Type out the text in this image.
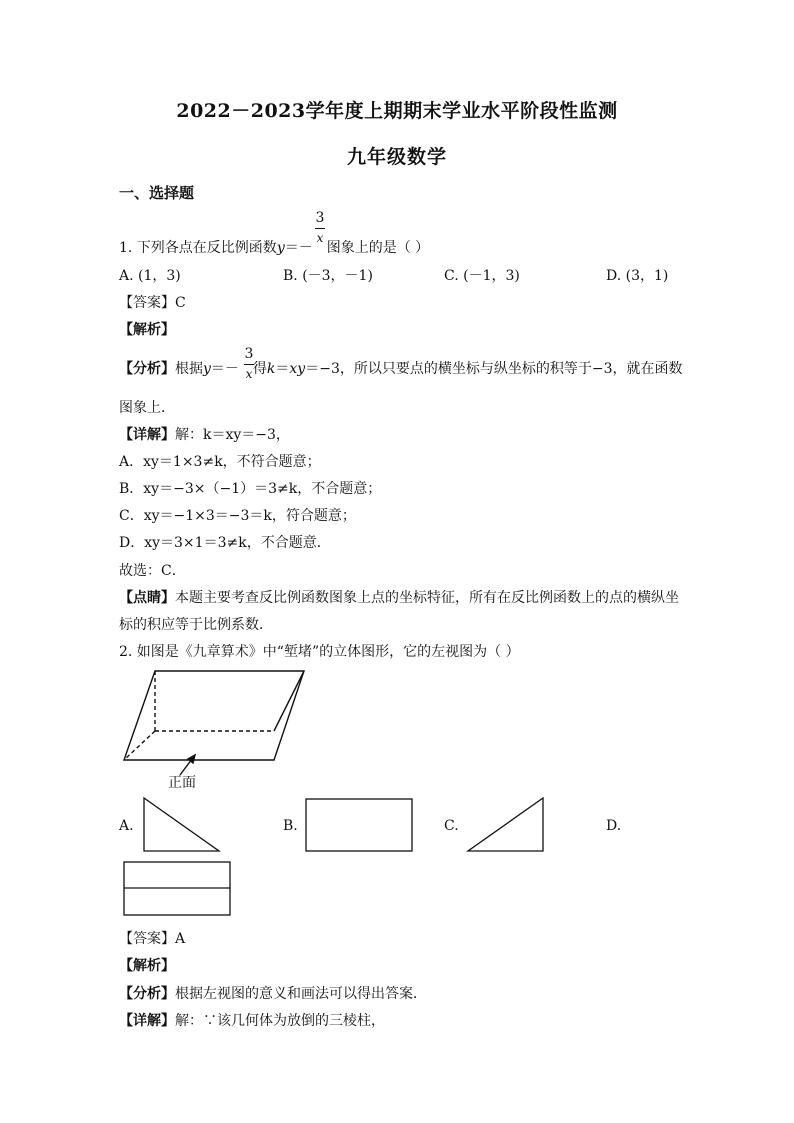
2022－2023学年度上期期末学业水平阶段性监测
九年级数学
一、选择题
1. 下列各点在反比例函数y＝－ 图象上的是（ ）
3
x
A. (1，3)	B. (－3，－1)	C. (－1，3)	D. (3，1)
【答案】C
【解析】
【分析】根据y＝－ 得k＝xy＝−3，所以只要点的横坐标与纵坐标的积等于−3，就在函数
3
x
图象上．
【详解】解：k＝xy＝−3，
A．xy＝1×3≠k，不符合题意；
B．xy＝−3×（−1）＝3≠k，不合题意；
C．xy＝−1×3＝−3＝k，符合题意；
D．xy＝3×1＝3≠k，不合题意．
故选：C．
【点睛】本题主要考查反比例函数图象上点的坐标特征，所有在反比例函数上的点的横纵坐
标的积应等于比例系数．
2. 如图是《九章算术》中“堑堵”的立体图形，它的左视图为（ ）
正面
A.	B.	C.	D.
【答案】A
【解析】
【分析】根据左视图的意义和画法可以得出答案．
【详解】解：∵该几何体为放倒的三棱柱，
